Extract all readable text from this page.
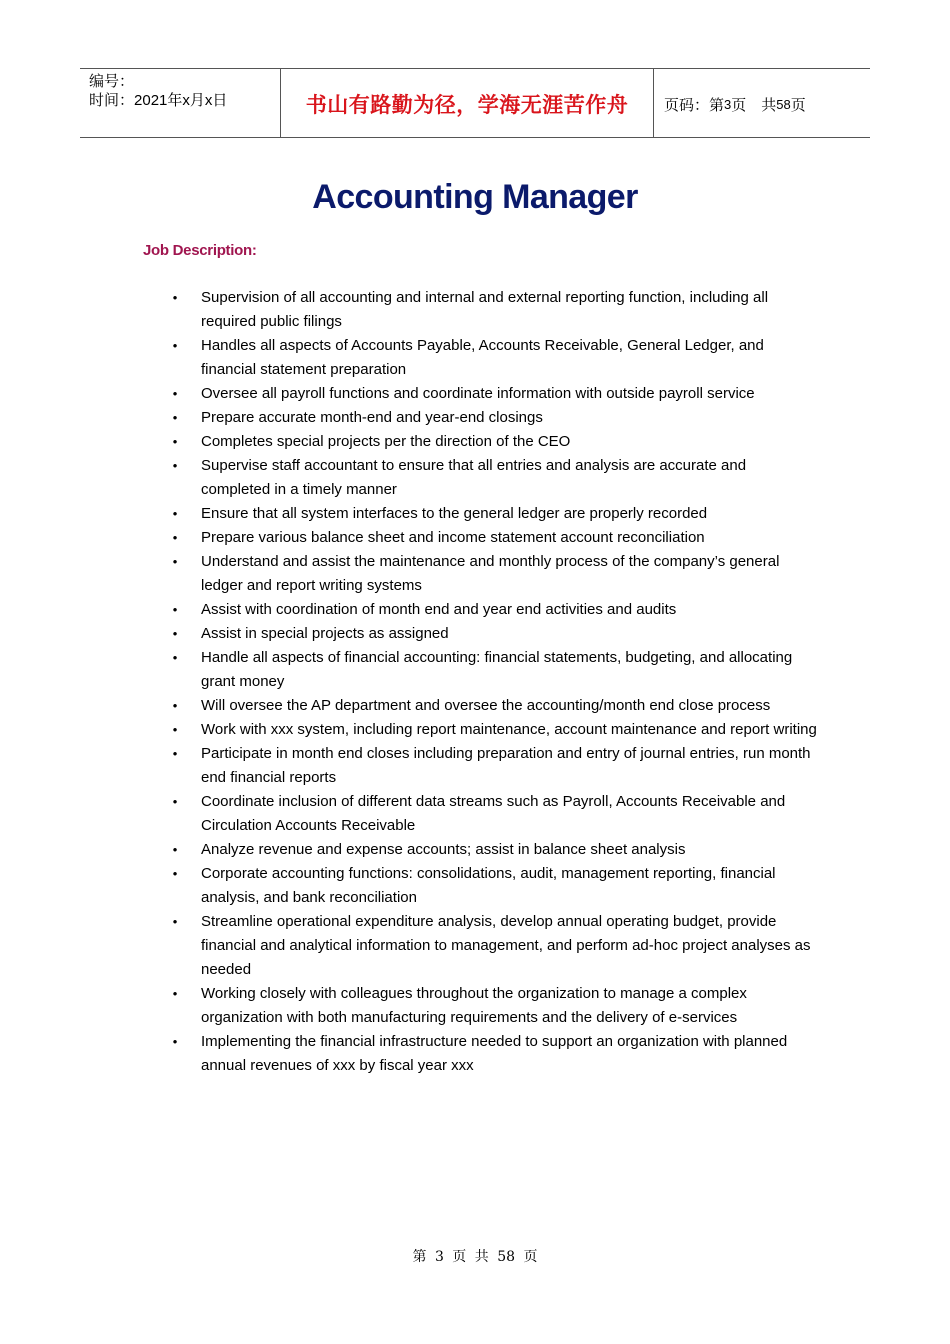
编号：
时间：2021年x月x日	书山有路勤为径，学海无涯苦作舟 页码：第 3 页　共 58 页
Accounting Manager
Job Description:
• Supervision of all accounting and internal and external reporting function, including all required public filings
• Handles all aspects of Accounts Payable, Accounts Receivable, General Ledger, and financial statement preparation
• Oversee all payroll functions and coordinate information with outside payroll service
• Prepare accurate month-end and year-end closings
• Completes special projects per the direction of the CEO
• Supervise staff accountant to ensure that all entries and analysis are accurate and completed in a timely manner
• Ensure that all system interfaces to the general ledger are properly recorded
• Prepare various balance sheet and income statement account reconciliation
• Understand and assist the maintenance and monthly process of the company’s general ledger and report writing systems
• Assist with coordination of month end and year end activities and audits
• Assist in special projects as assigned
• Handle all aspects of financial accounting: financial statements, budgeting, and allocating grant money
• Will oversee the AP department and oversee the accounting/month end close process
• Work with xxx system, including report maintenance, account maintenance and report writing
• Participate in month end closes including preparation and entry of journal entries, run month end financial reports
• Coordinate inclusion of different data streams such as Payroll, Accounts Receivable and Circulation Accounts Receivable
• Analyze revenue and expense accounts; assist in balance sheet analysis
• Corporate accounting functions: consolidations, audit, management reporting, financial analysis, and bank reconciliation
• Streamline operational expenditure analysis, develop annual operating budget, provide financial and analytical information to management, and perform ad-hoc project analyses as needed
• Working closely with colleagues throughout the organization to manage a complex organization with both manufacturing requirements and the delivery of e-services
• Implementing the financial infrastructure needed to support an organization with planned annual revenues of xxx by fiscal year xxx
第 3 页 共 58 页
